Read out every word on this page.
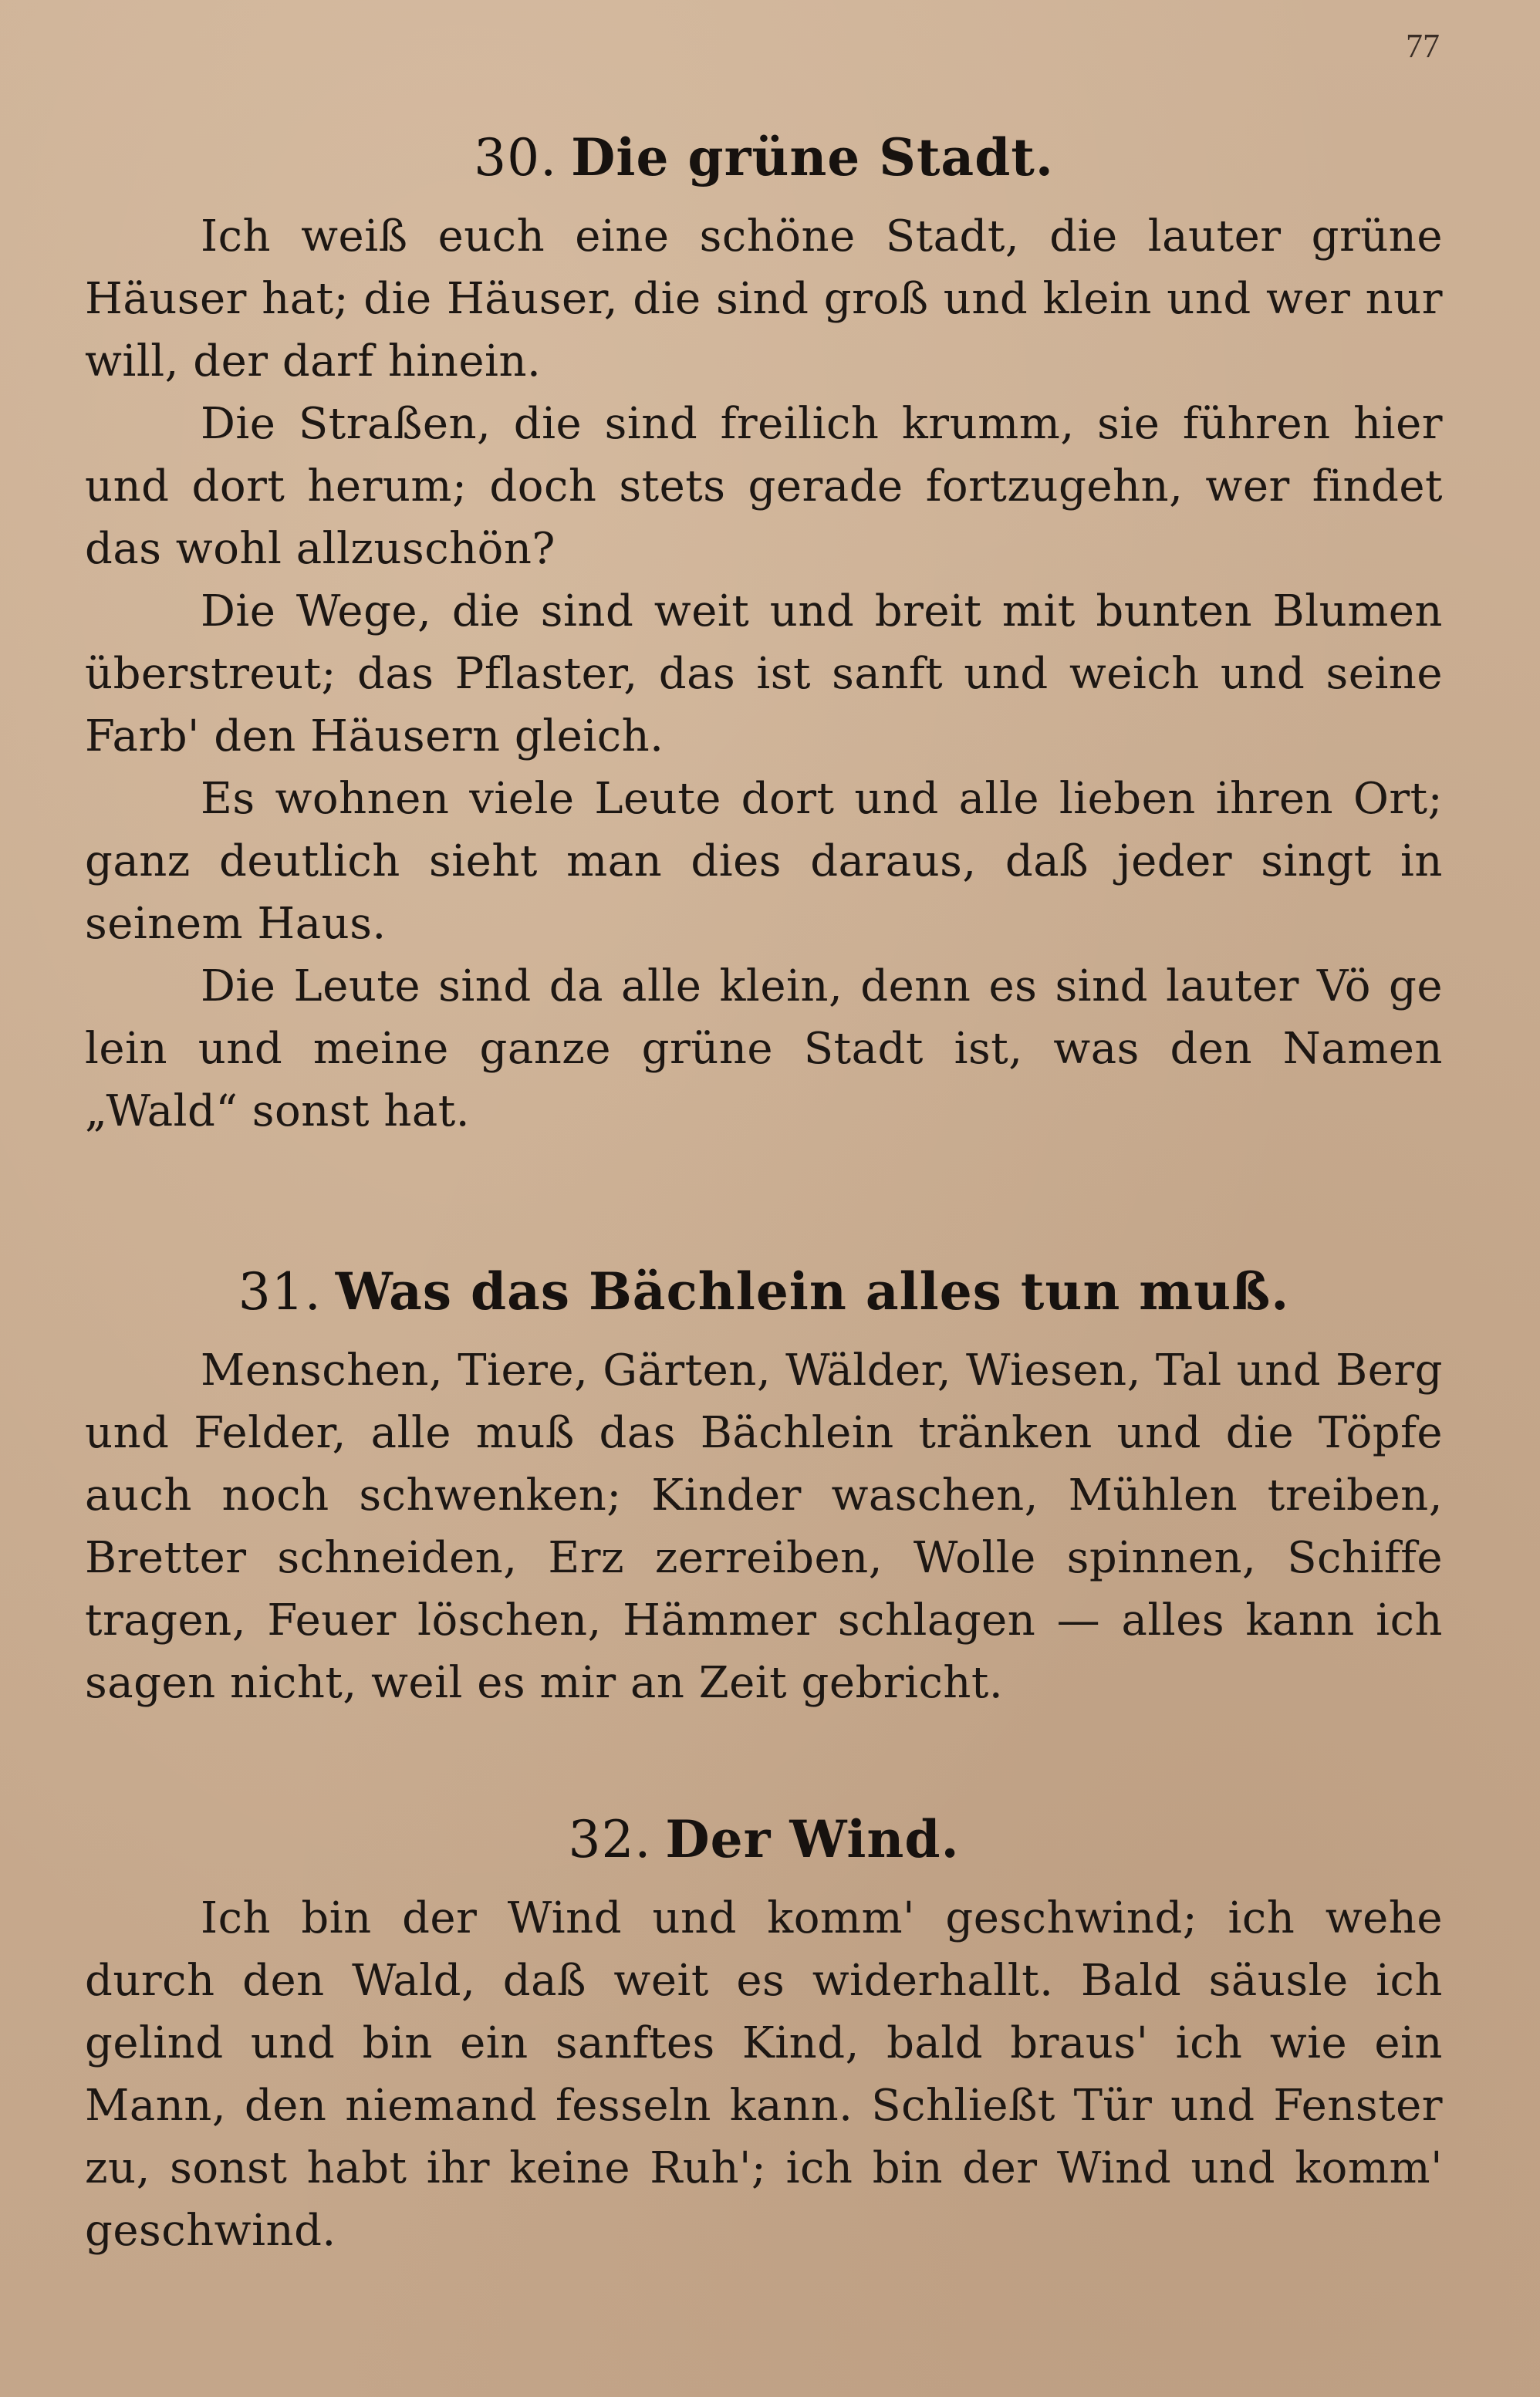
77
30. Die grüne Stadt.

Ich weiß euch eine schöne Stadt, die lauter grüne Häuser hat; die Häuser, die sind groß und klein und wer nur will, der darf hinein.

Die Straßen, die sind freilich krumm, sie führen hier und dort herum; doch stets gerade fortzugehn, wer findet das wohl allzuschön?

Die Wege, die sind weit und breit mit bunten Blumen überstreut; das Pflaster, das ist sanft und weich und seine Farb' den Häusern gleich.

Es wohnen viele Leute dort und alle lieben ihren Ort; ganz deutlich sieht man dies daraus, daß jeder singt in seinem Haus.

Die Leute sind da alle klein, denn es sind lauter Vö ge lein und meine ganze grüne Stadt ist, was den Namen „Wald“ sonst hat.

31. Was das Bächlein alles tun muß.

Menschen, Tiere, Gärten, Wälder, Wiesen, Tal und Berg und Felder, alle muß das Bächlein tränken und die Töpfe auch noch schwenken; Kinder waschen, Mühlen treiben, Bretter schneiden, Erz zerreiben, Wolle spinnen, Schiffe tragen, Feuer löschen, Hämmer schlagen — alles kann ich sagen nicht, weil es mir an Zeit gebricht.

32. Der Wind.

Ich bin der Wind und komm' geschwind; ich wehe durch den Wald, daß weit es widerhallt. Bald säusle ich gelind und bin ein sanftes Kind, bald braus' ich wie ein Mann, den niemand fesseln kann. Schließt Tür und Fenster zu, sonst habt ihr keine Ruh'; ich bin der Wind und komm' geschwind.
